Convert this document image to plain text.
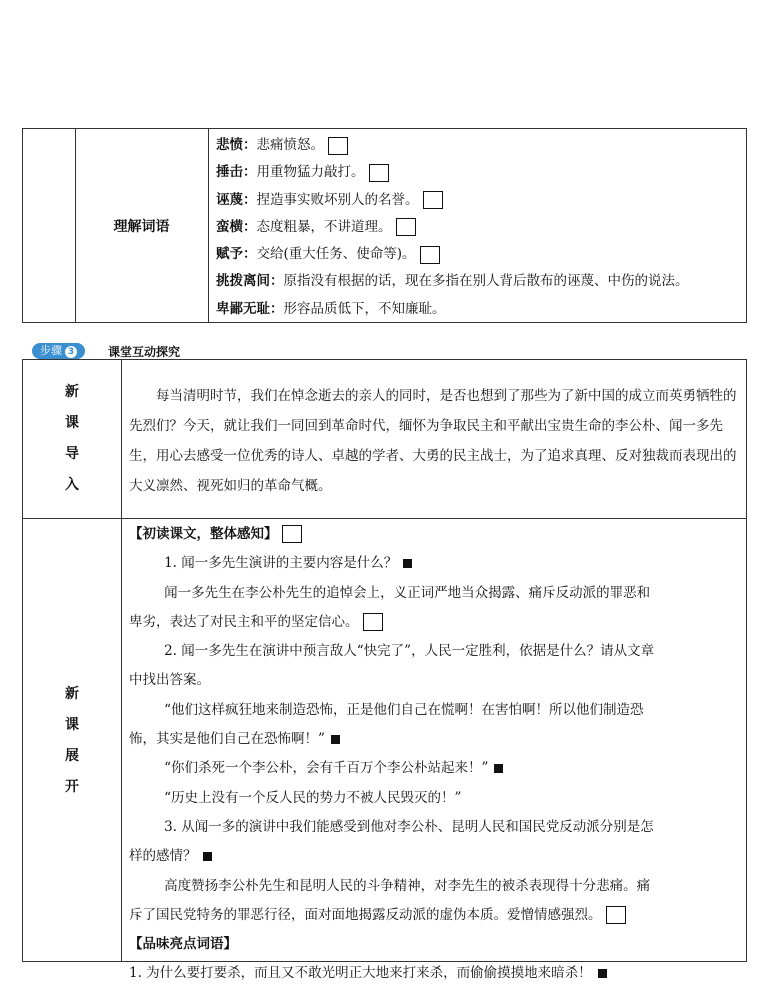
理解词语
悲愤：悲痛愤怒。
捶击：用重物猛力敲打。
诬蔑：捏造事实败坏别人的名誉。
蛮横：态度粗暴，不讲道理。
赋予：交给(重大任务、使命等)。
挑拨离间：原指没有根据的话，现在多指在别人背后散布的诬蔑、中伤的说法。
卑鄙无耻：形容品质低下，不知廉耻。
步骤 3	课堂互动探究
新
课
导
入
每当清明时节，我们在悼念逝去的亲人的同时，是否也想到了那些为了新中国的成立而英勇牺牲的先烈们？今天，就让我们一同回到革命时代，缅怀为争取民主和平献出宝贵生命的李公朴、闻一多先生，用心去感受一位优秀的诗人、卓越的学者、大勇的民主战士，为了追求真理、反对独裁而表现出的大义凛然、视死如归的革命气概。
新
课
展
开
【初读课文，整体感知】
1. 闻一多先生演讲的主要内容是什么？
闻一多先生在李公朴先生的追悼会上，义正词严地当众揭露、痛斥反动派的罪恶和
卑劣，表达了对民主和平的坚定信心。
2. 闻一多先生在演讲中预言敌人“快完了”，人民一定胜利，依据是什么？请从文章
中找出答案。
“他们这样疯狂地来制造恐怖，正是他们自己在慌啊！在害怕啊！所以他们制造恐
怖，其实是他们自己在恐怖啊！”
“你们杀死一个李公朴，会有千百万个李公朴站起来！”
“历史上没有一个反人民的势力不被人民毁灭的！”
3. 从闻一多的演讲中我们能感受到他对李公朴、昆明人民和国民党反动派分别是怎
样的感情？
高度赞扬李公朴先生和昆明人民的斗争精神，对李先生的被杀表现得十分悲痛。痛
斥了国民党特务的罪恶行径，面对面地揭露反动派的虚伪本质。爱憎情感强烈。
【品味亮点词语】
1. 为什么要打要杀，而且又不敢光明正大地来打来杀，而偷偷摸摸地来暗杀！
